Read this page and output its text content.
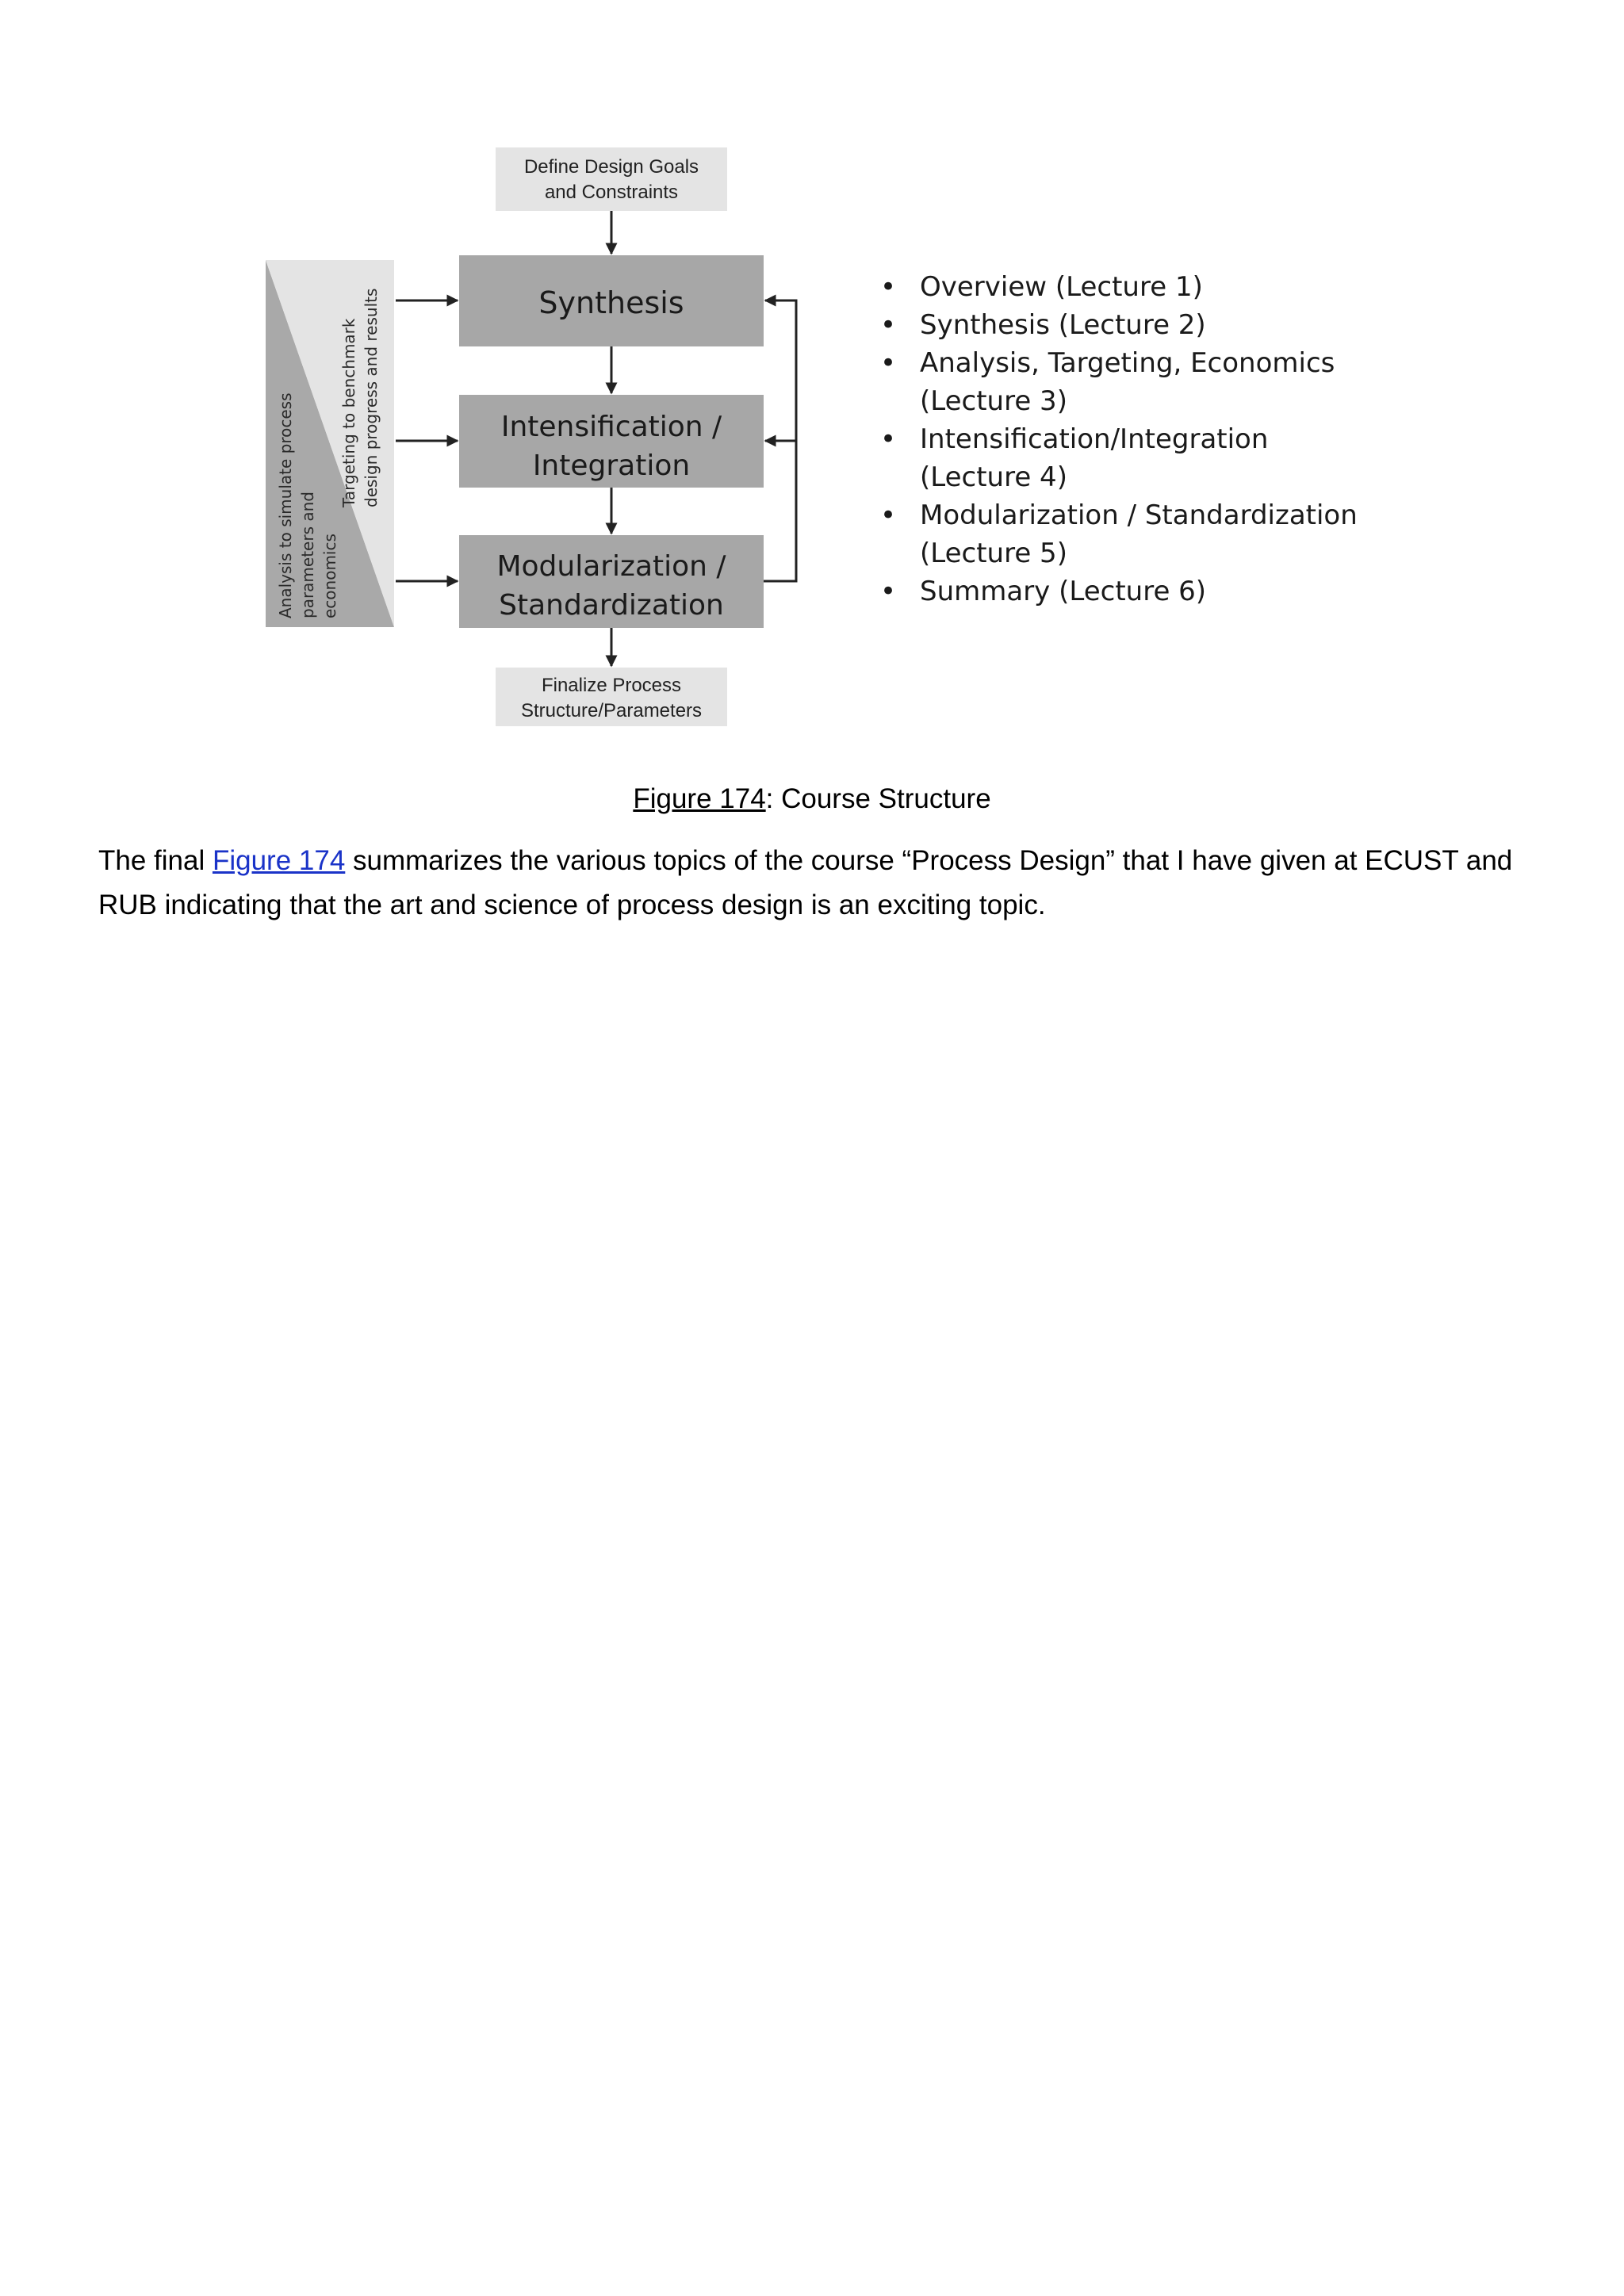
Analysis to simulate process parameters and economics
Targeting to benchmark design progress and results
Define Design Goals
and Constraints
Synthesis
Intensification /
Integration
Modularization /
Standardization
Finalize Process
Structure/Parameters
• Overview (Lecture 1)
• Synthesis (Lecture 2)
• Analysis, Targeting, Economics
(Lecture 3)
• Intensification/Integration
(Lecture 4)
• Modularization / Standardization
(Lecture 5)
• Summary (Lecture 6)
Figure 174: Course Structure
The final Figure 174 summarizes the various topics of the course “Process Design” that I have given at ECUST and RUB indicating that the art and science of process design is an exciting topic.
